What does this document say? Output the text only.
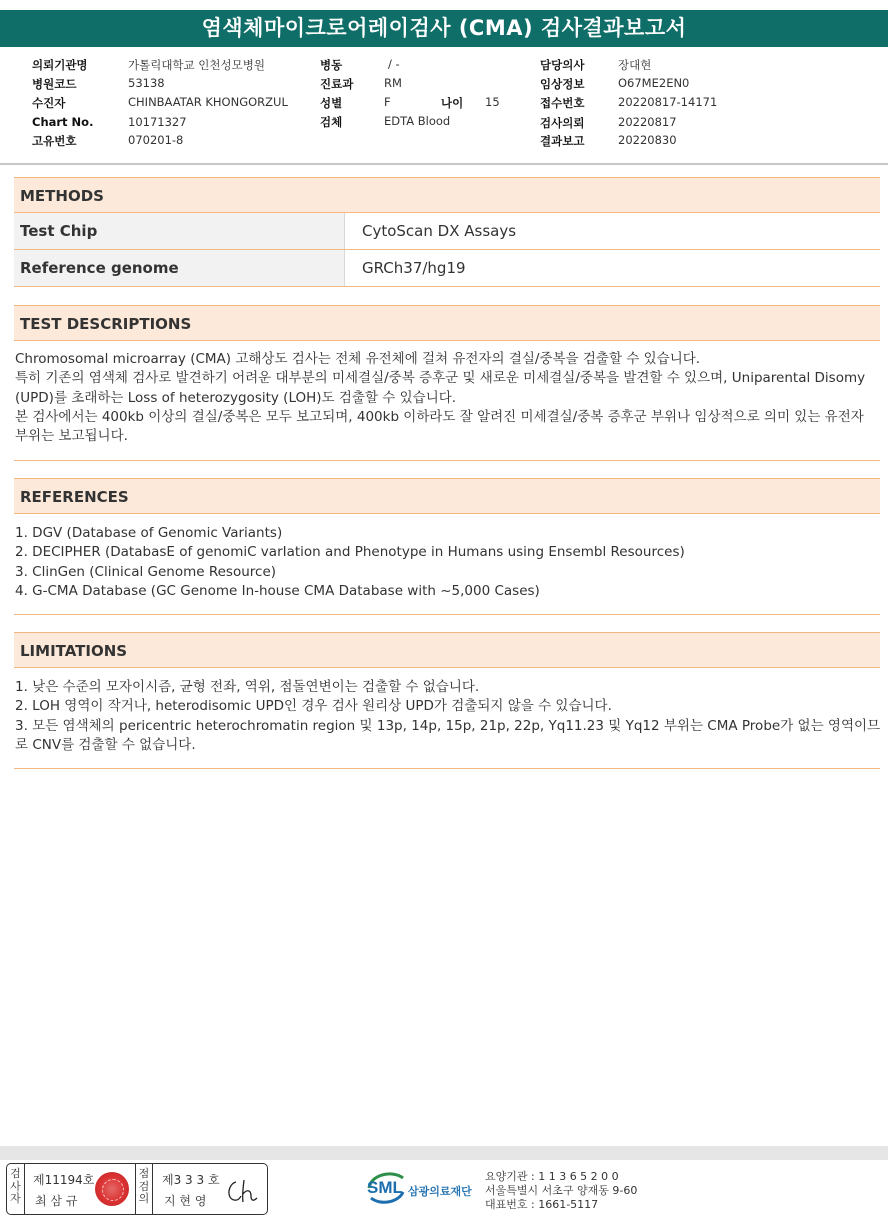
염색체마이크로어레이검사 (CMA) 검사결과보고서
의뢰기관명	가톨릭대학교 인천성모병원
병원코드	53138
수진자	CHINBAATAR KHONGORZUL
Chart No.	10171327
고유번호	070201-8
병동	/ -
진료과	RM
성별	F	나이 15
검체	EDTA Blood
담당의사	장대현
임상정보	O67ME2EN0
접수번호	20220817-14171
검사의뢰	20220817
결과보고	20220830
METHODS
Test Chip	CytoScan DX Assays
Reference genome	GRCh37/hg19
TEST DESCRIPTIONS

Chromosomal microarray (CMA) 고해상도 검사는 전체 유전체에 걸쳐 유전자의 결실/중복을 검출할 수 있습니다.

특히 기존의 염색체 검사로 발견하기 어려운 대부분의 미세결실/중복 증후군 및 새로운 미세결실/중복을 발견할 수 있으며, Uniparental Disomy (UPD)를 초래하는 Loss of heterozygosity (LOH)도 검출할 수 있습니다.

본 검사에서는 400kb 이상의 결실/중복은 모두 보고되며, 400kb 이하라도 잘 알려진 미세결실/중복 증후군 부위나 임상적으로 의미 있는 유전자 부위는 보고됩니다.

REFERENCES

1. DGV (Database of Genomic Variants)

2. DECIPHER (DatabasE of genomiC varIation and Phenotype in Humans using Ensembl Resources)

3. ClinGen (Clinical Genome Resource)

4. G-CMA Database (GC Genome In-house CMA Database with ~5,000 Cases)

LIMITATIONS

1. 낮은 수준의 모자이시즘, 균형 전좌, 역위, 점돌연변이는 검출할 수 없습니다.

2. LOH 영역이 작거나, heterodisomic UPD인 경우 검사 원리상 UPD가 검출되지 않을 수 있습니다.

3. 모든 염색체의 pericentric heterochromatin region 및 13p, 14p, 15p, 21p, 22p, Yq11.23 및 Yq12 부위는 CMA Probe가 없는 영역이므로 CNV를 검출할 수 없습니다.

검사자
제11194호
최 삼 규
점검의
제3 3 3 호
지 현 영
SML 삼광의료재단
요양기관 : 1 1 3 6 5 2 0 0
서울특별시 서초구 양재동 9-60
대표번호 : 1661-5117
